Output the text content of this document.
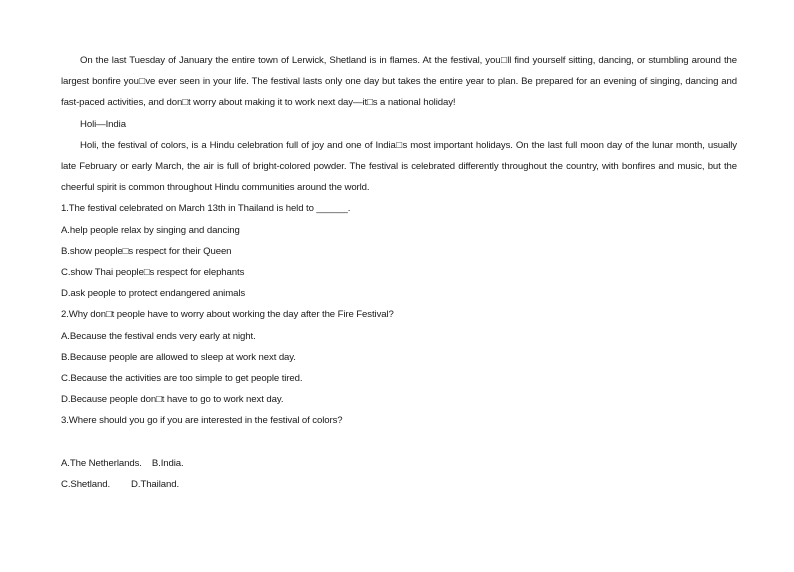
On the last Tuesday of January the entire town of Lerwick, Shetland is in flames. At the festival, you□ll find yourself sitting, dancing, or stumbling around the largest bonfire you□ve ever seen in your life. The festival lasts only one day but takes the entire year to plan. Be prepared for an evening of singing, dancing and fast-paced activities, and don□t worry about making it to work next day—it□s a national holiday!

Holi—India

Holi, the festival of colors, is a Hindu celebration full of joy and one of India□s most important holidays. On the last full moon day of the lunar month, usually late February or early March, the air is full of bright-colored powder. The festival is celebrated differently throughout the country, with bonfires and music, but the cheerful spirit is common throughout Hindu communities around the world.

1.The festival celebrated on March 13th in Thailand is held to ______.

A.help people relax by singing and dancing

B.show people□s respect for their Queen

C.show Thai people□s respect for elephants

D.ask people to protect endangered animals

2.Why don□t people have to worry about working the day after the Fire Festival?

A.Because the festival ends very early at night.

B.Because people are allowed to sleep at work next day.

C.Because the activities are too simple to get people tired.

D.Because people don□t have to go to work next day.

3.Where should you go if you are interested in the festival of colors?

A.The Netherlands. B.India.

C.Shetland. D.Thailand.
